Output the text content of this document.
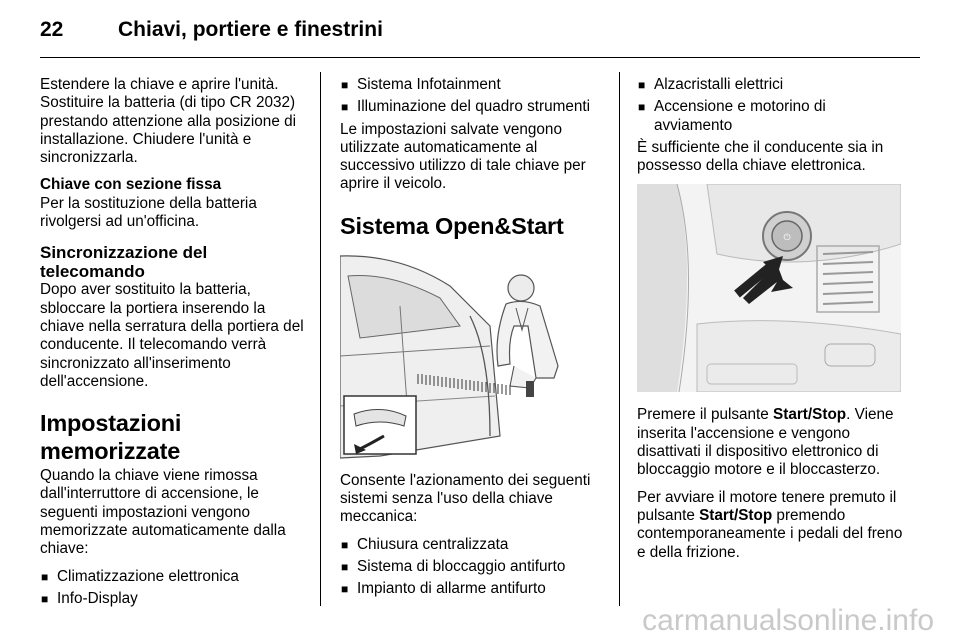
22	Chiavi, portiere e finestrini

Estendere la chiave e aprire l'unità. Sostituire la batteria (di tipo CR 2032) prestando attenzione alla posizione di installazione. Chiudere l'unità e sincronizzarla.

Chiave con sezione fissa

Per la sostituzione della batteria rivolgersi ad un'officina.

Sincronizzazione del telecomando

Dopo aver sostituito la batteria, sbloccare la portiera inserendo la chiave nella serratura della portiera del conducente. Il telecomando verrà sincronizzato all'inserimento dell'accensione.

Impostazioni memorizzate

Quando la chiave viene rimossa dall'interruttore di accensione, le seguenti impostazioni vengono memorizzate automaticamente dalla chiave:

■ Climatizzazione elettronica
■ Info-Display
■ Sistema Infotainment
■ Illuminazione del quadro strumenti

Le impostazioni salvate vengono utilizzate automaticamente al successivo utilizzo di tale chiave per aprire il veicolo.

Sistema Open&Start

Consente l'azionamento dei seguenti sistemi senza l'uso della chiave meccanica:

■ Chiusura centralizzata
■ Sistema di bloccaggio antifurto
■ Impianto di allarme antifurto
■ Alzacristalli elettrici
■ Accensione e motorino di avviamento

È sufficiente che il conducente sia in possesso della chiave elettronica.

⏻

Premere il pulsante Start/Stop. Viene inserita l'accensione e vengono disattivati il dispositivo elettronico di bloccaggio motore e il bloccasterzo.

Per avviare il motore tenere premuto il pulsante Start/Stop premendo contemporaneamente i pedali del freno e della frizione.

carmanualsonline.info
